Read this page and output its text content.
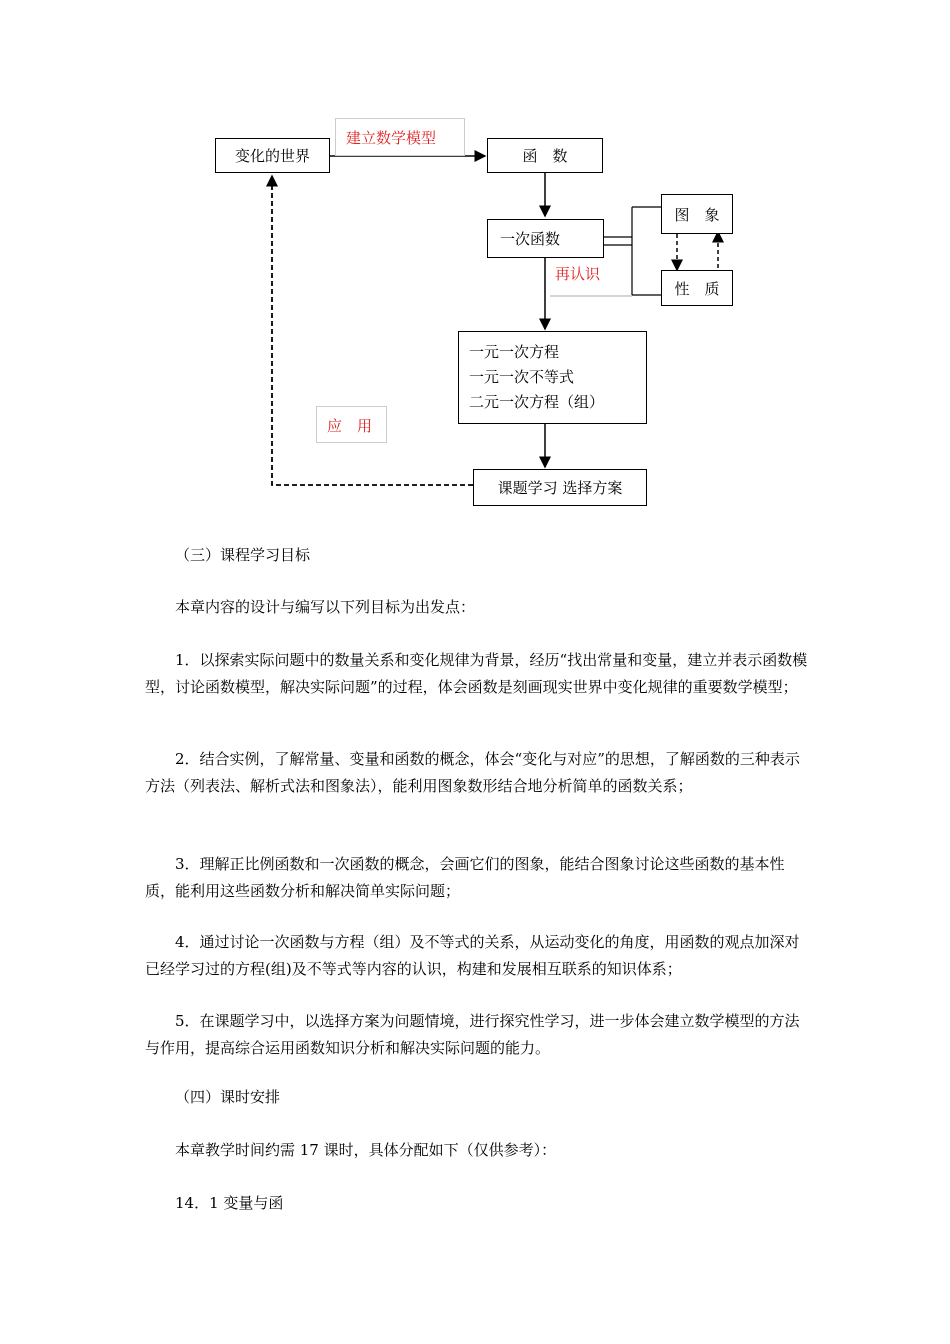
变化的世界
建立数学模型
函　数
一次函数
图　象
性　质
再认识
一元一次方程
一元一次不等式
二元一次方程（组）
应　用
课题学习 选择方案

（三）课程学习目标

本章内容的设计与编写以下列目标为出发点：

1．以探索实际问题中的数量关系和变化规律为背景，经历“找出常量和变量，建立并表示函数模型，讨论函数模型，解决实际问题”的过程，体会函数是刻画现实世界中变化规律的重要数学模型；

2．结合实例，了解常量、变量和函数的概念，体会“变化与对应”的思想，了解函数的三种表示方法（列表法、解析式法和图象法），能利用图象数形结合地分析简单的函数关系；

3．理解正比例函数和一次函数的概念，会画它们的图象，能结合图象讨论这些函数的基本性质，能利用这些函数分析和解决简单实际问题；

4．通过讨论一次函数与方程（组）及不等式的关系，从运动变化的角度，用函数的观点加深对已经学习过的方程(组)及不等式等内容的认识，构建和发展相互联系的知识体系；

5．在课题学习中，以选择方案为问题情境，进行探究性学习，进一步体会建立数学模型的方法与作用，提高综合运用函数知识分析和解决实际问题的能力。

（四）课时安排

本章教学时间约需 17 课时，具体分配如下（仅供参考）：

14．1 变量与函
